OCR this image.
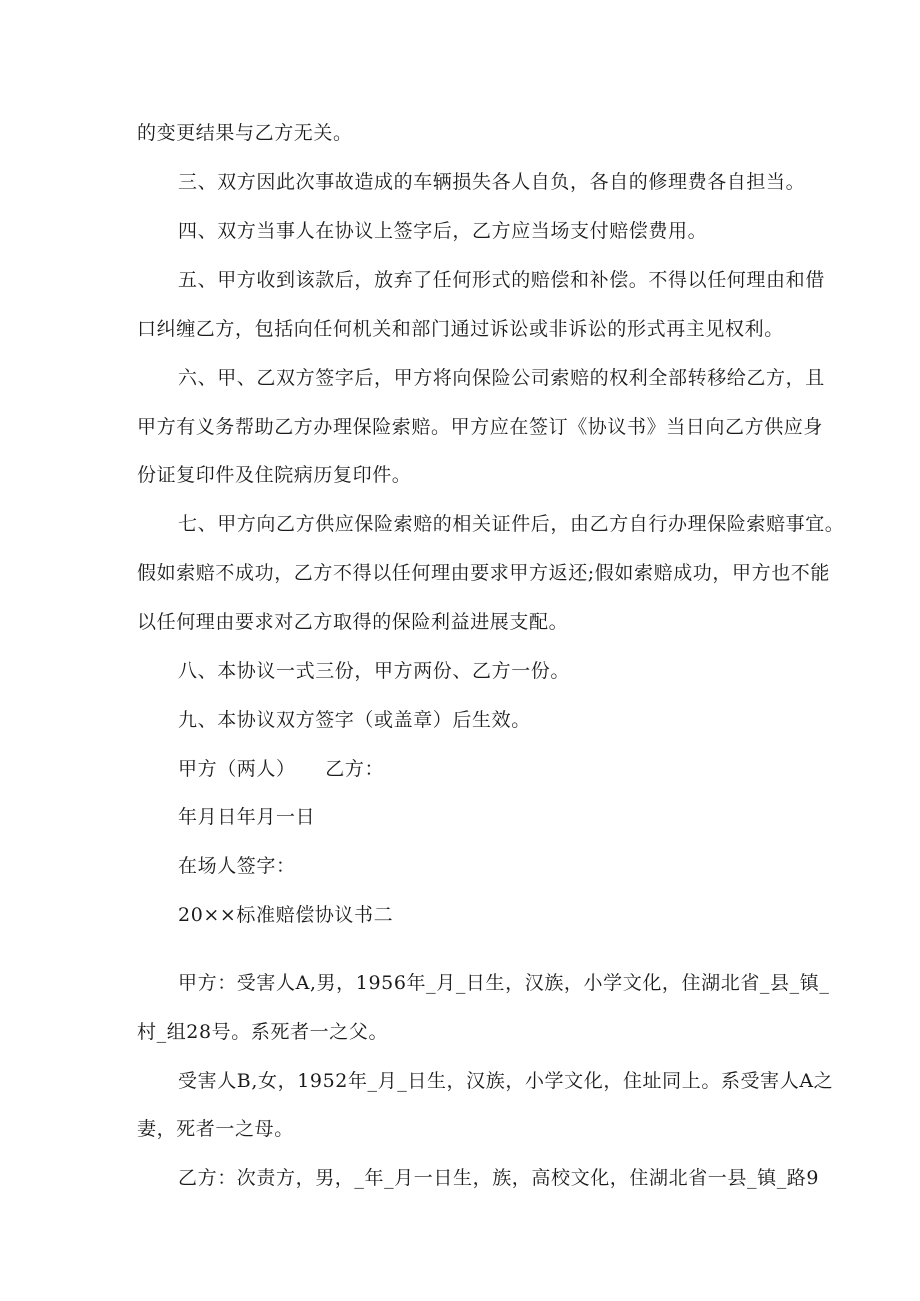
的变更结果与乙方无关。
三、双方因此次事故造成的车辆损失各人自负，各自的修理费各自担当。
四、双方当事人在协议上签字后，乙方应当场支付赔偿费用。
五、甲方收到该款后，放弃了任何形式的赔偿和补偿。不得以任何理由和借
口纠缠乙方，包括向任何机关和部门通过诉讼或非诉讼的形式再主见权利。
六、甲、乙双方签字后，甲方将向保险公司索赔的权利全部转移给乙方，且
甲方有义务帮助乙方办理保险索赔。甲方应在签订《协议书》当日向乙方供应身
份证复印件及住院病历复印件。
七、甲方向乙方供应保险索赔的相关证件后，由乙方自行办理保险索赔事宜。
假如索赔不成功，乙方不得以任何理由要求甲方返还;假如索赔成功，甲方也不能
以任何理由要求对乙方取得的保险利益进展支配。
八、本协议一式三份，甲方两份、乙方一份。
九、本协议双方签字（或盖章）后生效。
甲方（两人）　　乙方：
年月日年月一日
在场人签字：
20××标准赔偿协议书二
甲方：受害人A,男，1956年_月_日生，汉族，小学文化，住湖北省_县_镇_
村_组28号。系死者一之父。
受害人B,女，1952年_月_日生，汉族，小学文化，住址同上。系受害人A之
妻，死者一之母。
乙方：次责方，男，_年_月一日生，族，高校文化，住湖北省一县_镇_路9
